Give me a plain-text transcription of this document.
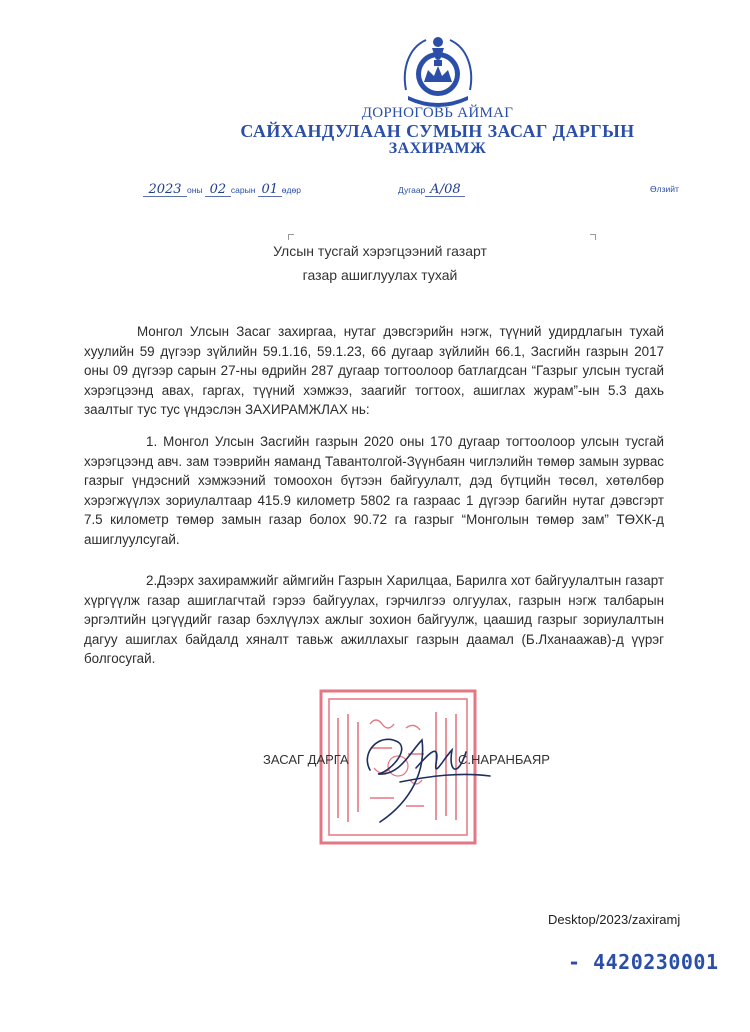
ДОРНОГОВЬ АЙМАГ
САЙХАНДУЛААН СУМЫН ЗАСАГ ДАРГЫН
ЗАХИРАМЖ
2023 оны 02 сарын 01 өдөр	Дугаар А/08	Өлзийт
Улсын тусгай хэрэгцээний газарт
газар ашиглуулах тухай
Монгол Улсын Засаг захиргаа, нутаг дэвсгэрийн нэгж, түүний удирдлагын тухай хуулийн 59 дүгээр зүйлийн 59.1.16, 59.1.23, 66 дугаар зүйлийн 66.1, Засгийн газрын 2017 оны 09 дүгээр сарын 27-ны өдрийн 287 дугаар тогтоолоор батлагдсан “Газрыг улсын тусгай хэрэгцээнд авах, гаргах, түүний хэмжээ, заагийг тогтоох, ашиглах журам”-ын 5.3 дахь заалтыг тус тус үндэслэн ЗАХИРАМЖЛАХ нь:
1. Монгол Улсын Засгийн газрын 2020 оны 170 дугаар тогтоолоор улсын тусгай хэрэгцээнд авч. зам тээврийн яаманд Тавантолгой-Зүүнбаян чиглэлийн төмөр замын зурвас газрыг үндэсний хэмжээний томоохон бүтээн байгуулалт, дэд бүтцийн төсөл, хөтөлбөр хэрэгжүүлэх зориулалтаар 415.9 километр 5802 га газраас 1 дүгээр багийн нутаг дэвсгэрт 7.5 километр төмөр замын газар болох 90.72 га газрыг “Монголын төмөр зам” ТӨХК-д ашиглуулсугай.
2.Дээрх захирамжийг аймгийн Газрын Харилцаа, Барилга хот байгуулалтын газарт хүргүүлж газар ашиглагчтай гэрээ байгуулах, гэрчилгээ олгуулах, газрын нэгж талбарын эргэлтийн цэгүүдийг газар бэхлүүлэх ажлыг зохион байгуулж, цаашид газрыг зориулалтын дагуу ашиглах байдалд хяналт тавьж ажиллахыг газрын даамал (Б.Лханаажав)-д үүрэг болгосугай.
ЗАСАГ ДАРГА	С.НАРАНБАЯР
Desktop/2023/zaxiramj
- 4420230001
